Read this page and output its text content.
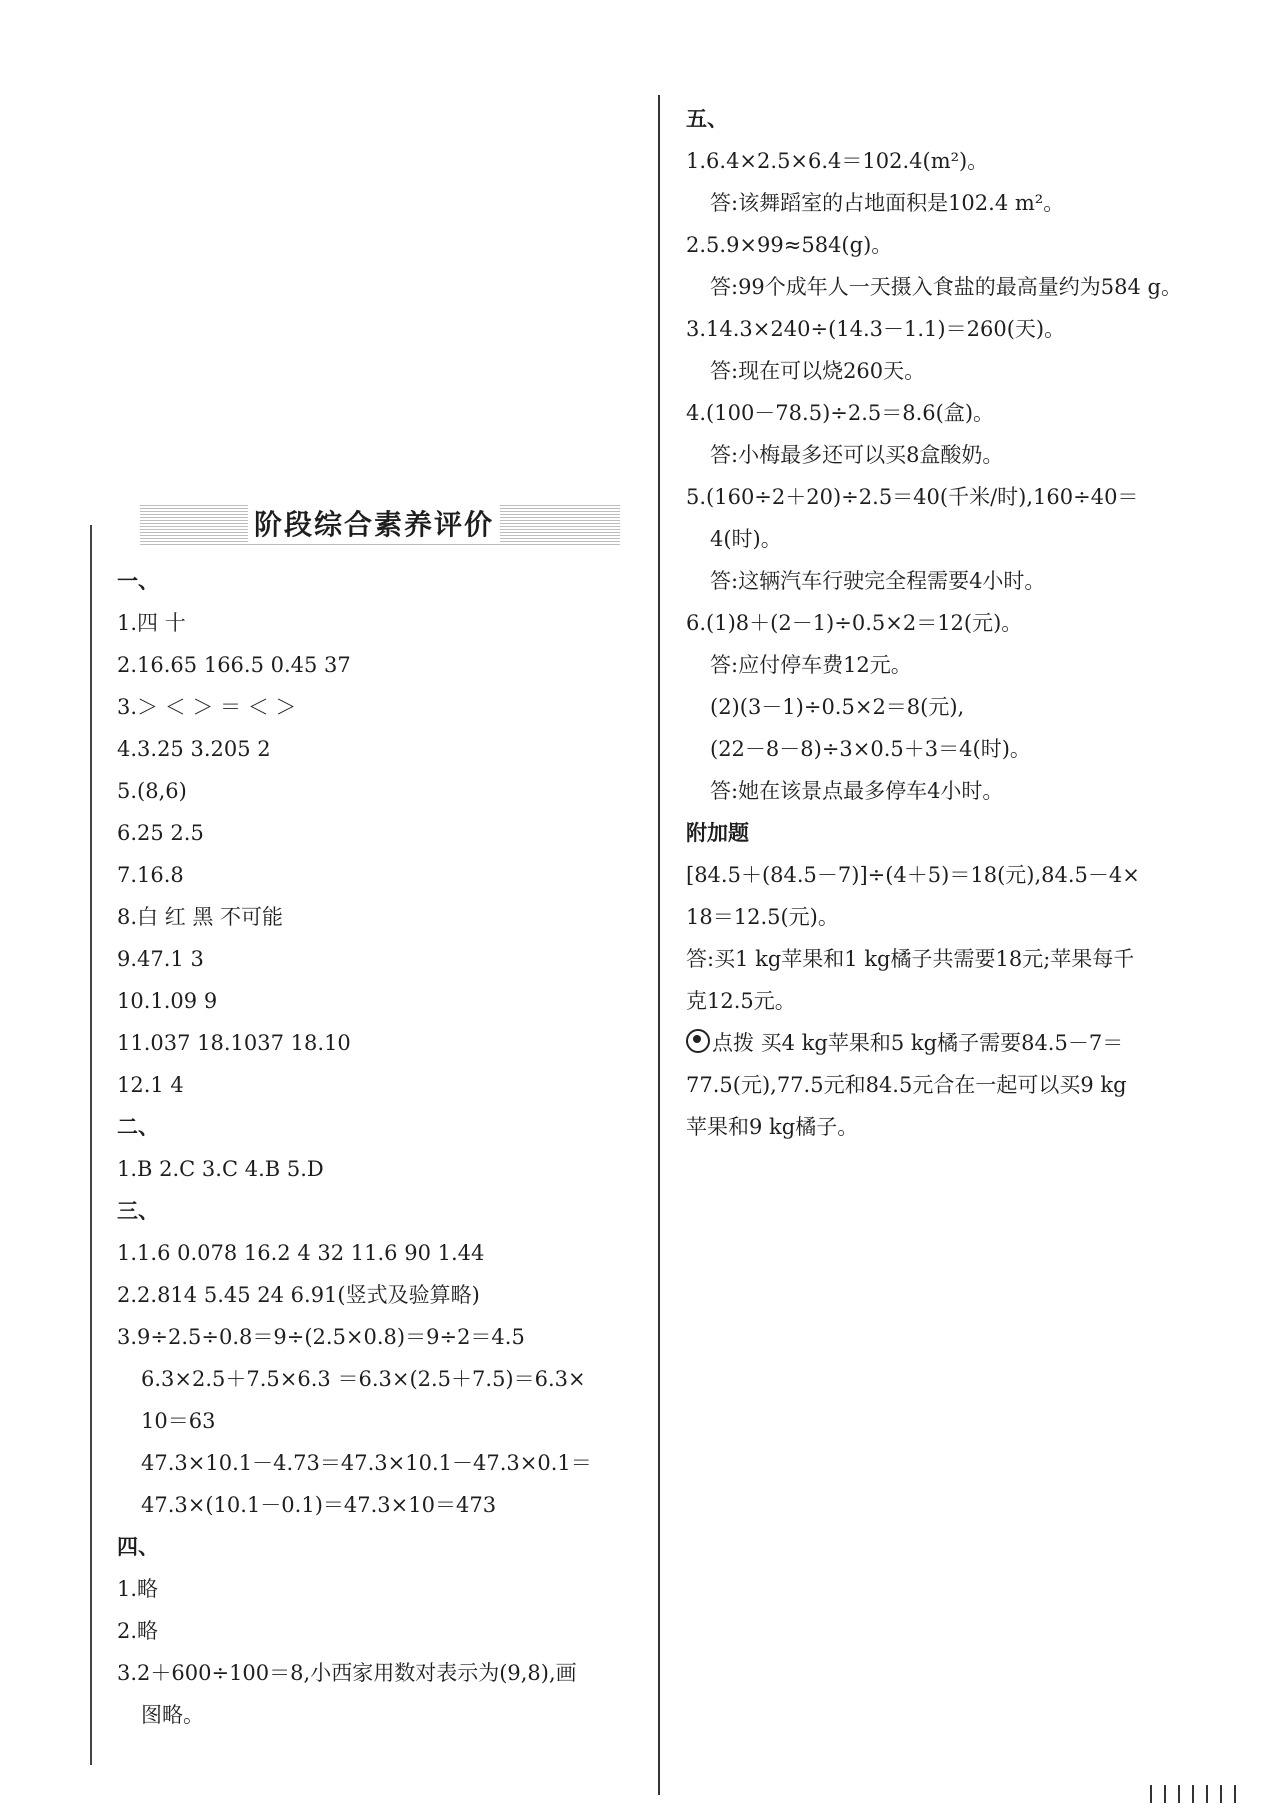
阶段综合素养评价
一、
1.四 十
2.16.65 166.5 0.45 37
3.＞ ＜ ＞ ＝ ＜ ＞
4.3.25 3.205 2
5.(8,6)
6.25 2.5
7.16.8
8.白 红 黑 不可能
9.47.1 3
10.1.09 9
11.037 18.1037 18.10
12.1 4
二、
1.B 2.C 3.C 4.B 5.D
三、
1.1.6 0.078 16.2 4 32 11.6 90 1.44
2.2.814 5.45 24 6.91(竖式及验算略)
3.9÷2.5÷0.8＝9÷(2.5×0.8)＝9÷2＝4.5
6.3×2.5＋7.5×6.3 ＝6.3×(2.5＋7.5)＝6.3×
10＝63
47.3×10.1－4.73＝47.3×10.1－47.3×0.1＝
47.3×(10.1－0.1)＝47.3×10＝473
四、
1.略
2.略
3.2＋600÷100＝8,小西家用数对表示为(9,8),画
图略。
五、
1.6.4×2.5×6.4＝102.4(m²)。
答:该舞蹈室的占地面积是102.4 m²。
2.5.9×99≈584(g)。
答:99个成年人一天摄入食盐的最高量约为584 g。
3.14.3×240÷(14.3－1.1)＝260(天)。
答:现在可以烧260天。
4.(100－78.5)÷2.5＝8.6(盒)。
答:小梅最多还可以买8盒酸奶。
5.(160÷2＋20)÷2.5＝40(千米/时),160÷40＝
4(时)。
答:这辆汽车行驶完全程需要4小时。
6.(1)8＋(2－1)÷0.5×2＝12(元)。
答:应付停车费12元。
(2)(3－1)÷0.5×2＝8(元),
(22－8－8)÷3×0.5＋3＝4(时)。
答:她在该景点最多停车4小时。
附加题
[84.5＋(84.5－7)]÷(4＋5)＝18(元),84.5－4×
18＝12.5(元)。
答:买1 kg苹果和1 kg橘子共需要18元;苹果每千
克12.5元。
点拨 买4 kg苹果和5 kg橘子需要84.5－7＝
77.5(元),77.5元和84.5元合在一起可以买9 kg
苹果和9 kg橘子。
